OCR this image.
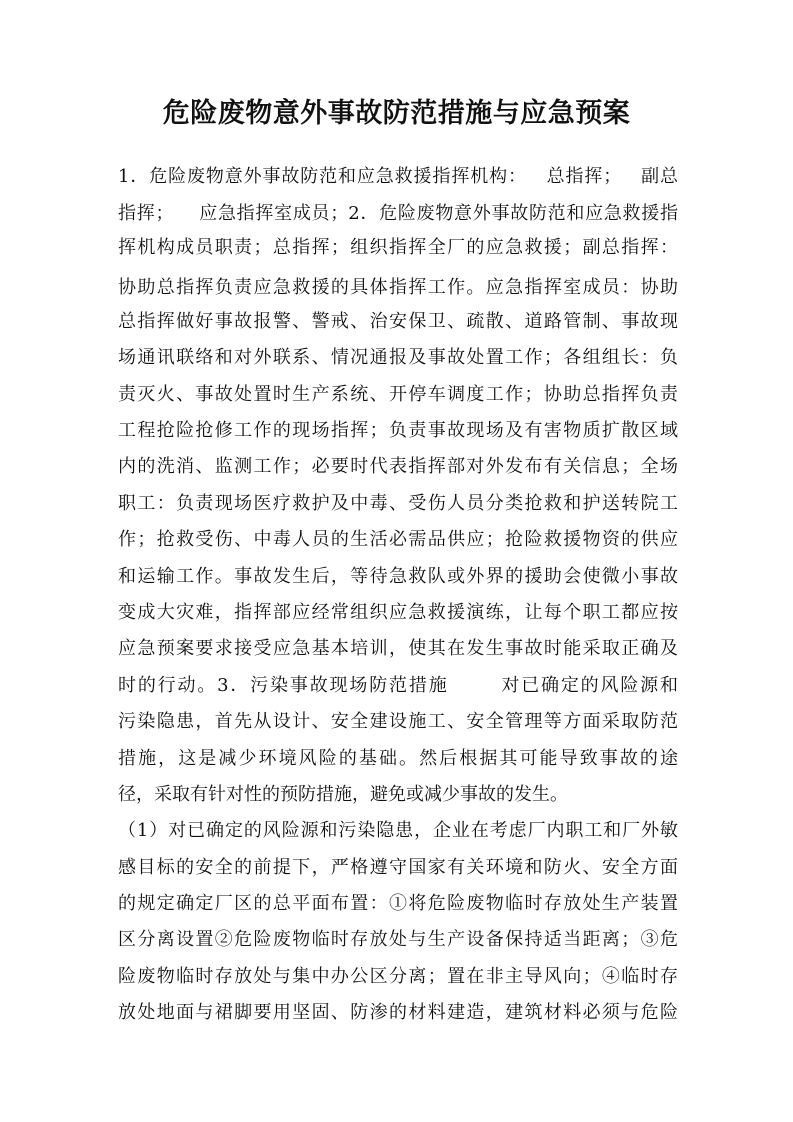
危险废物意外事故防范措施与应急预案
1．危险废物意外事故防范和应急救援指挥机构：   总指挥；   副总
指挥；    应急指挥室成员；2．危险废物意外事故防范和应急救援指
挥机构成员职责；总指挥；组织指挥全厂的应急救援；副总指挥：
协助总指挥负责应急救援的具体指挥工作。应急指挥室成员：协助
总指挥做好事故报警、警戒、治安保卫、疏散、道路管制、事故现
场通讯联络和对外联系、情况通报及事故处置工作；各组组长：负
责灭火、事故处置时生产系统、开停车调度工作；协助总指挥负责
工程抢险抢修工作的现场指挥；负责事故现场及有害物质扩散区域
内的洗消、监测工作；必要时代表指挥部对外发布有关信息；全场
职工：负责现场医疗救护及中毒、受伤人员分类抢救和护送转院工
作；抢救受伤、中毒人员的生活必需品供应；抢险救援物资的供应
和运输工作。事故发生后，等待急救队或外界的援助会使微小事故
变成大灾难，指挥部应经常组织应急救援演练，让每个职工都应按
应急预案要求接受应急基本培训，使其在发生事故时能采取正确及
时的行动。3．污染事故现场防范措施       对已确定的风险源和
污染隐患，首先从设计、安全建设施工、安全管理等方面采取防范
措施，这是减少环境风险的基础。然后根据其可能导致事故的途
径，采取有针对性的预防措施，避免或减少事故的发生。
（1）对已确定的风险源和污染隐患，企业在考虑厂内职工和厂外敏
感目标的安全的前提下，严格遵守国家有关环境和防火、安全方面
的规定确定厂区的总平面布置：①将危险废物临时存放处生产装置
区分离设置②危险废物临时存放处与生产设备保持适当距离；③危
险废物临时存放处与集中办公区分离；置在非主导风向；④临时存
放处地面与裙脚要用坚固、防渗的材料建造，建筑材料必须与危险
